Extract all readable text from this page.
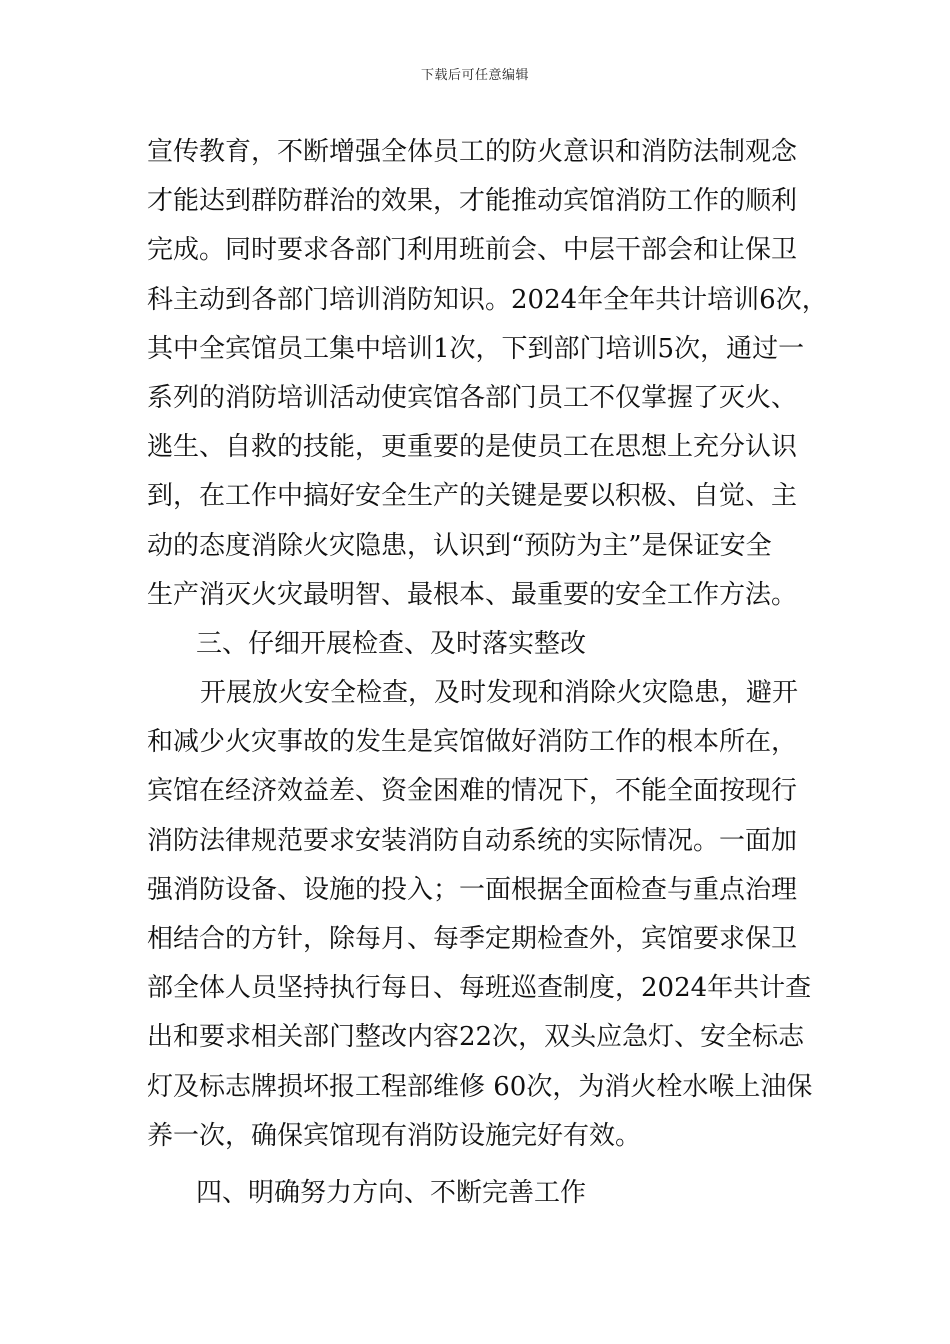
下载后可任意编辑
宣传教育，不断增强全体员工的防火意识和消防法制观念
才能达到群防群治的效果，才能推动宾馆消防工作的顺利
完成。同时要求各部门利用班前会、中层干部会和让保卫
科主动到各部门培训消防知识。2024年全年共计培训6次，
其中全宾馆员工集中培训1次，下到部门培训5次，通过一
系列的消防培训活动使宾馆各部门员工不仅掌握了灭火、
逃生、自救的技能，更重要的是使员工在思想上充分认识
到，在工作中搞好安全生产的关键是要以积极、自觉、主
动的态度消除火灾隐患，认识到“预防为主”是保证安全
生产消灭火灾最明智、最根本、最重要的安全工作方法。
三、仔细开展检查、及时落实整改
开展放火安全检查，及时发现和消除火灾隐患，避开
和减少火灾事故的发生是宾馆做好消防工作的根本所在，
宾馆在经济效益差、资金困难的情况下，不能全面按现行
消防法律规范要求安装消防自动系统的实际情况。一面加
强消防设备、设施的投入；一面根据全面检查与重点治理
相结合的方针，除每月、每季定期检查外，宾馆要求保卫
部全体人员坚持执行每日、每班巡查制度，2024年共计查
出和要求相关部门整改内容22次，双头应急灯、安全标志
灯及标志牌损坏报工程部维修 60次，为消火栓水喉上油保
养一次，确保宾馆现有消防设施完好有效。
四、明确努力方向、不断完善工作
